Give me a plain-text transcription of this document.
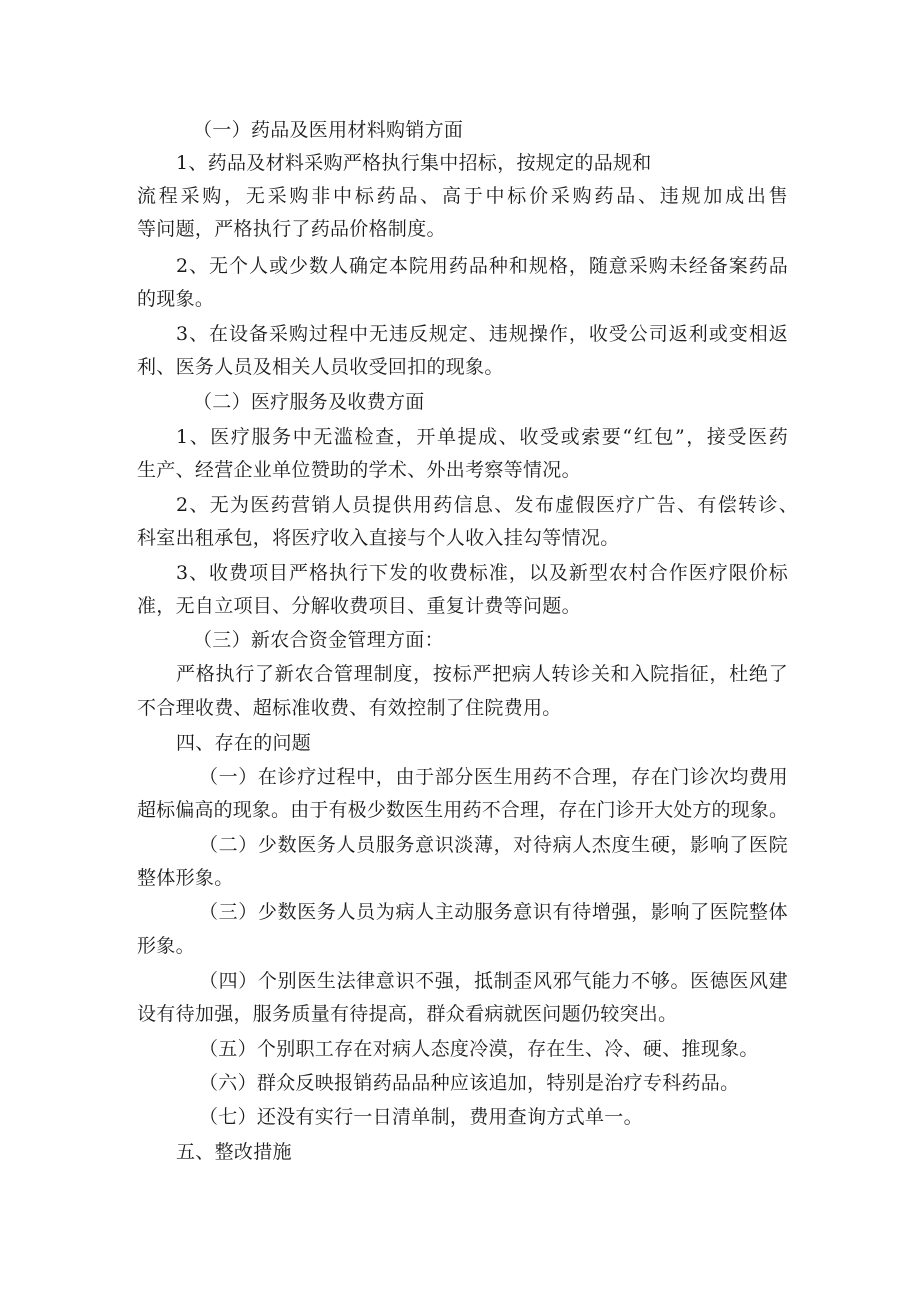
（一）药品及医用材料购销方面

1、药品及材料采购严格执行集中招标，按规定的品规和

流程采购，无采购非中标药品、高于中标价采购药品、违规加成出售

等问题，严格执行了药品价格制度。

2、无个人或少数人确定本院用药品种和规格，随意采购未经备案药品

的现象。

3、在设备采购过程中无违反规定、违规操作，收受公司返利或变相返

利、医务人员及相关人员收受回扣的现象。

（二）医疗服务及收费方面

1、医疗服务中无滥检查，开单提成、收受或索要“红包”，接受医药

生产、经营企业单位赞助的学术、外出考察等情况。

2、无为医药营销人员提供用药信息、发布虚假医疗广告、有偿转诊、

科室出租承包，将医疗收入直接与个人收入挂勾等情况。

3、收费项目严格执行下发的收费标准，以及新型农村合作医疗限价标

准，无自立项目、分解收费项目、重复计费等问题。

（三）新农合资金管理方面：

严格执行了新农合管理制度，按标严把病人转诊关和入院指征，杜绝了

不合理收费、超标准收费、有效控制了住院费用。

四、存在的问题

（一）在诊疗过程中，由于部分医生用药不合理，存在门诊次均费用

超标偏高的现象。由于有极少数医生用药不合理，存在门诊开大处方的现象。

（二）少数医务人员服务意识淡薄，对待病人杰度生硬，影响了医院

整体形象。

（三）少数医务人员为病人主动服务意识有待增强，影响了医院整体

形象。

（四）个别医生法律意识不强，抵制歪风邪气能力不够。医德医风建

设有待加强，服务质量有待提高，群众看病就医问题仍较突出。

（五）个别职工存在对病人态度冷漠，存在生、冷、硬、推现象。

（六）群众反映报销药品品种应该追加，特别是治疗专科药品。

（七）还没有实行一日清单制，费用查询方式单一。

五、整改措施
